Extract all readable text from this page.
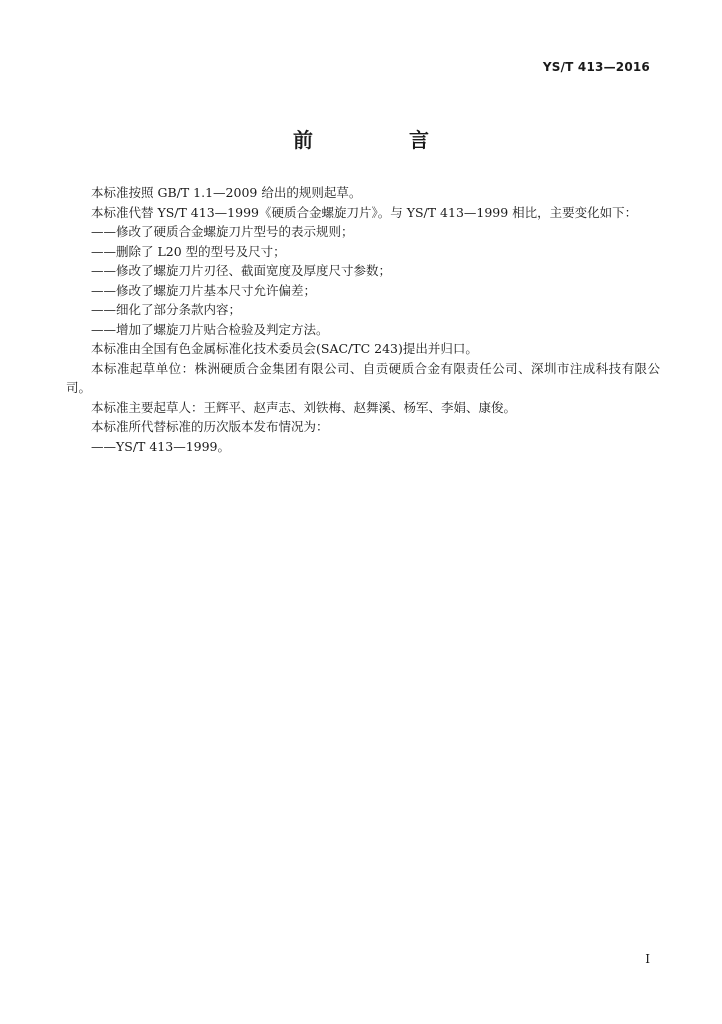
YS/T 413—2016
前　言

本标准按照 GB/T 1.1—2009 给出的规则起草。

本标准代替 YS/T 413—1999《硬质合金螺旋刀片》。与 YS/T 413—1999 相比，主要变化如下：

——修改了硬质合金螺旋刀片型号的表示规则；

——删除了 L20 型的型号及尺寸；

——修改了螺旋刀片刃径、截面宽度及厚度尺寸参数；

——修改了螺旋刀片基本尺寸允许偏差；

——细化了部分条款内容；

——增加了螺旋刀片贴合检验及判定方法。

本标准由全国有色金属标准化技术委员会(SAC/TC 243)提出并归口。

本标准起草单位：株洲硬质合金集团有限公司、自贡硬质合金有限责任公司、深圳市注成科技有限公司。

本标准主要起草人：王辉平、赵声志、刘铁梅、赵舞溪、杨军、李娟、康俊。

本标准所代替标准的历次版本发布情况为：

——YS/T 413—1999。

I
